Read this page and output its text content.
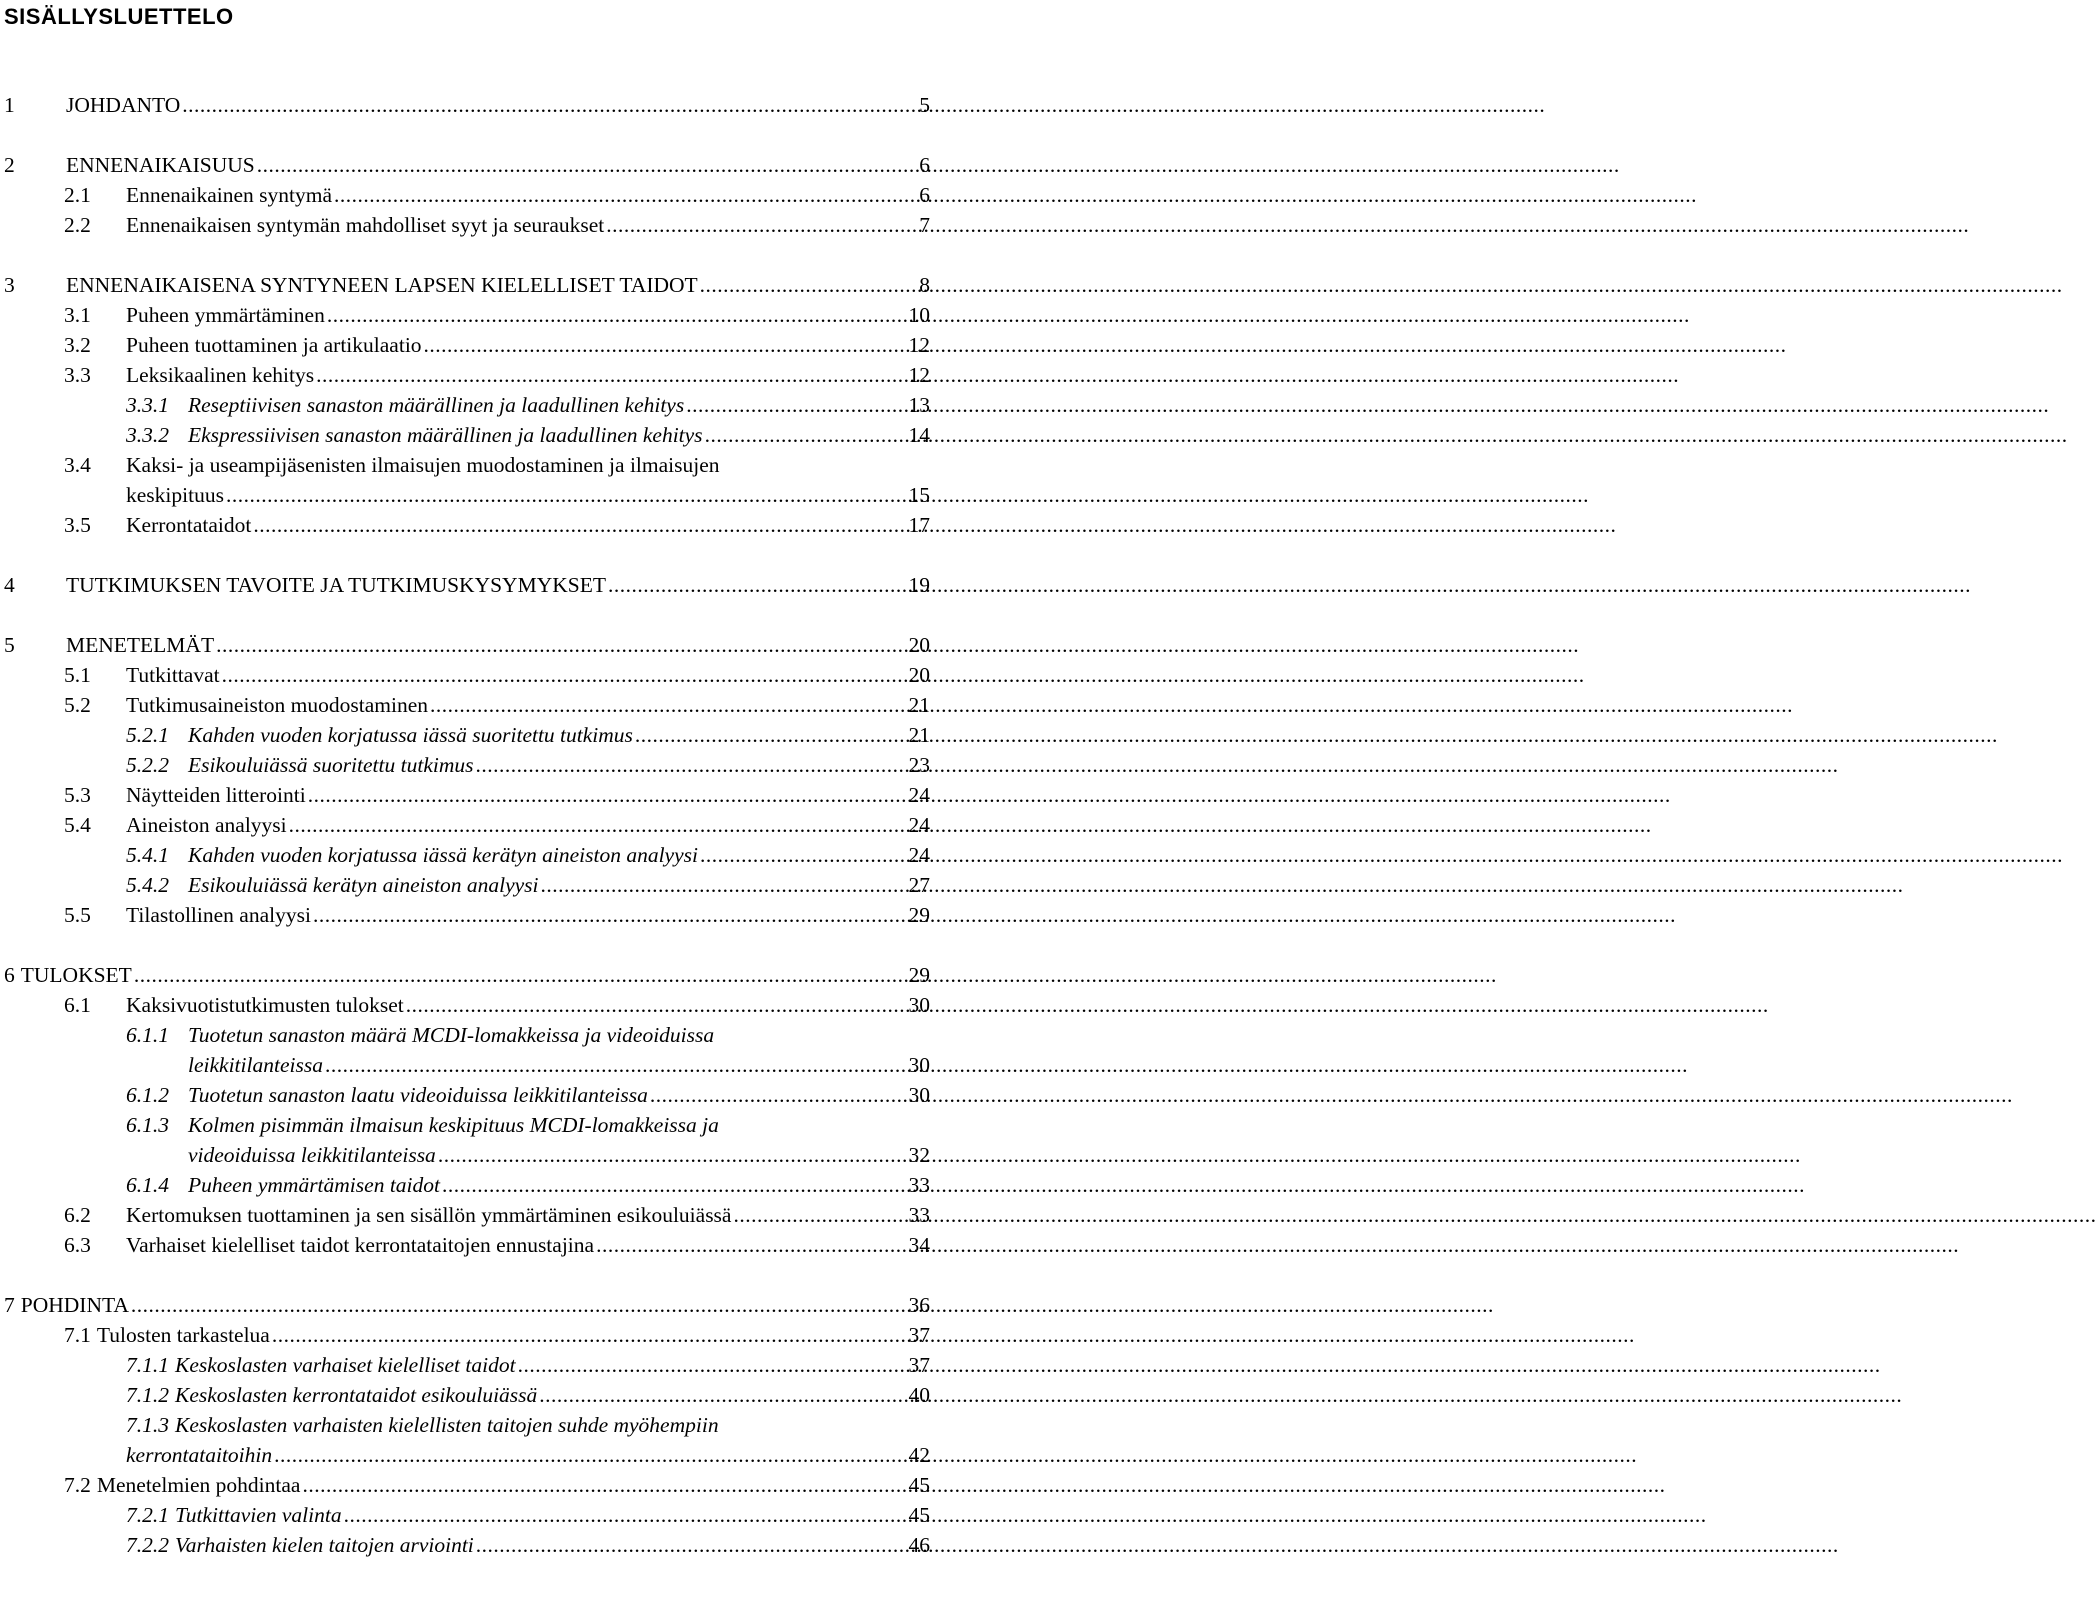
SISÄLLYSLUETTELO
1	JOHDANTO .....	5
2	ENNENAIKAISUUS .....	6
2.1	Ennenaikainen syntymä .....	6
2.2	Ennenaikaisen syntymän mahdolliset syyt ja seuraukset .....	7
3	ENNENAIKAISENA SYNTYNEEN LAPSEN KIELELLISET TAIDOT .....	8
3.1	Puheen ymmärtäminen .....	10
3.2	Puheen tuottaminen ja artikulaatio .....	12
3.3	Leksikaalinen kehitys .....	12
3.3.1 Reseptiivisen sanaston määrällinen ja laadullinen kehitys .....	13
3.3.2 Ekspressiivisen sanaston määrällinen ja laadullinen kehitys .....	14
3.4	Kaksi- ja useampijäsenisten ilmaisujen muodostaminen ja ilmaisujen
keskipituus .....	15
3.5	Kerrontataidot .....	17
4	TUTKIMUKSEN TAVOITE JA TUTKIMUSKYSYMYKSET .....	19
5	MENETELMÄT .....	20
5.1	Tutkittavat .....	20
5.2	Tutkimusaineiston muodostaminen .....	21
5.2.1 Kahden vuoden korjatussa iässä suoritettu tutkimus .....	21
5.2.2 Esikouluiässä suoritettu tutkimus .....	23
5.3	Näytteiden litterointi .....	24
5.4	Aineiston analyysi .....	24
5.4.1 Kahden vuoden korjatussa iässä kerätyn aineiston analyysi .....	24
5.4.2 Esikouluiässä kerätyn aineiston analyysi .....	27
5.5	Tilastollinen analyysi .....	29
6 TULOKSET .....	29
6.1	Kaksivuotistutkimusten tulokset .....	30
6.1.1 Tuotetun sanaston määrä MCDI-lomakkeissa ja videoiduissa
leikkitilanteissa .....	30
6.1.2 Tuotetun sanaston laatu videoiduissa leikkitilanteissa .....	30
6.1.3 Kolmen pisimmän ilmaisun keskipituus MCDI-lomakkeissa ja
videoiduissa leikkitilanteissa .....	32
6.1.4 Puheen ymmärtämisen taidot .....	33
6.2	Kertomuksen tuottaminen ja sen sisällön ymmärtäminen esikouluiässä .....	33
6.3	Varhaiset kielelliset taidot kerrontataitojen ennustajina .....	34
7 POHDINTA .....	36
7.1 Tulosten tarkastelua .....	37
7.1.1 Keskoslasten varhaiset kielelliset taidot .....	37
7.1.2 Keskoslasten kerrontataidot esikouluiässä .....	40
7.1.3 Keskoslasten varhaisten kielellisten taitojen suhde myöhempiin
kerrontataitoihin .....	42
7.2 Menetelmien pohdintaa .....	45
7.2.1 Tutkittavien valinta .....	45
7.2.2 Varhaisten kielen taitojen arviointi .....	46
